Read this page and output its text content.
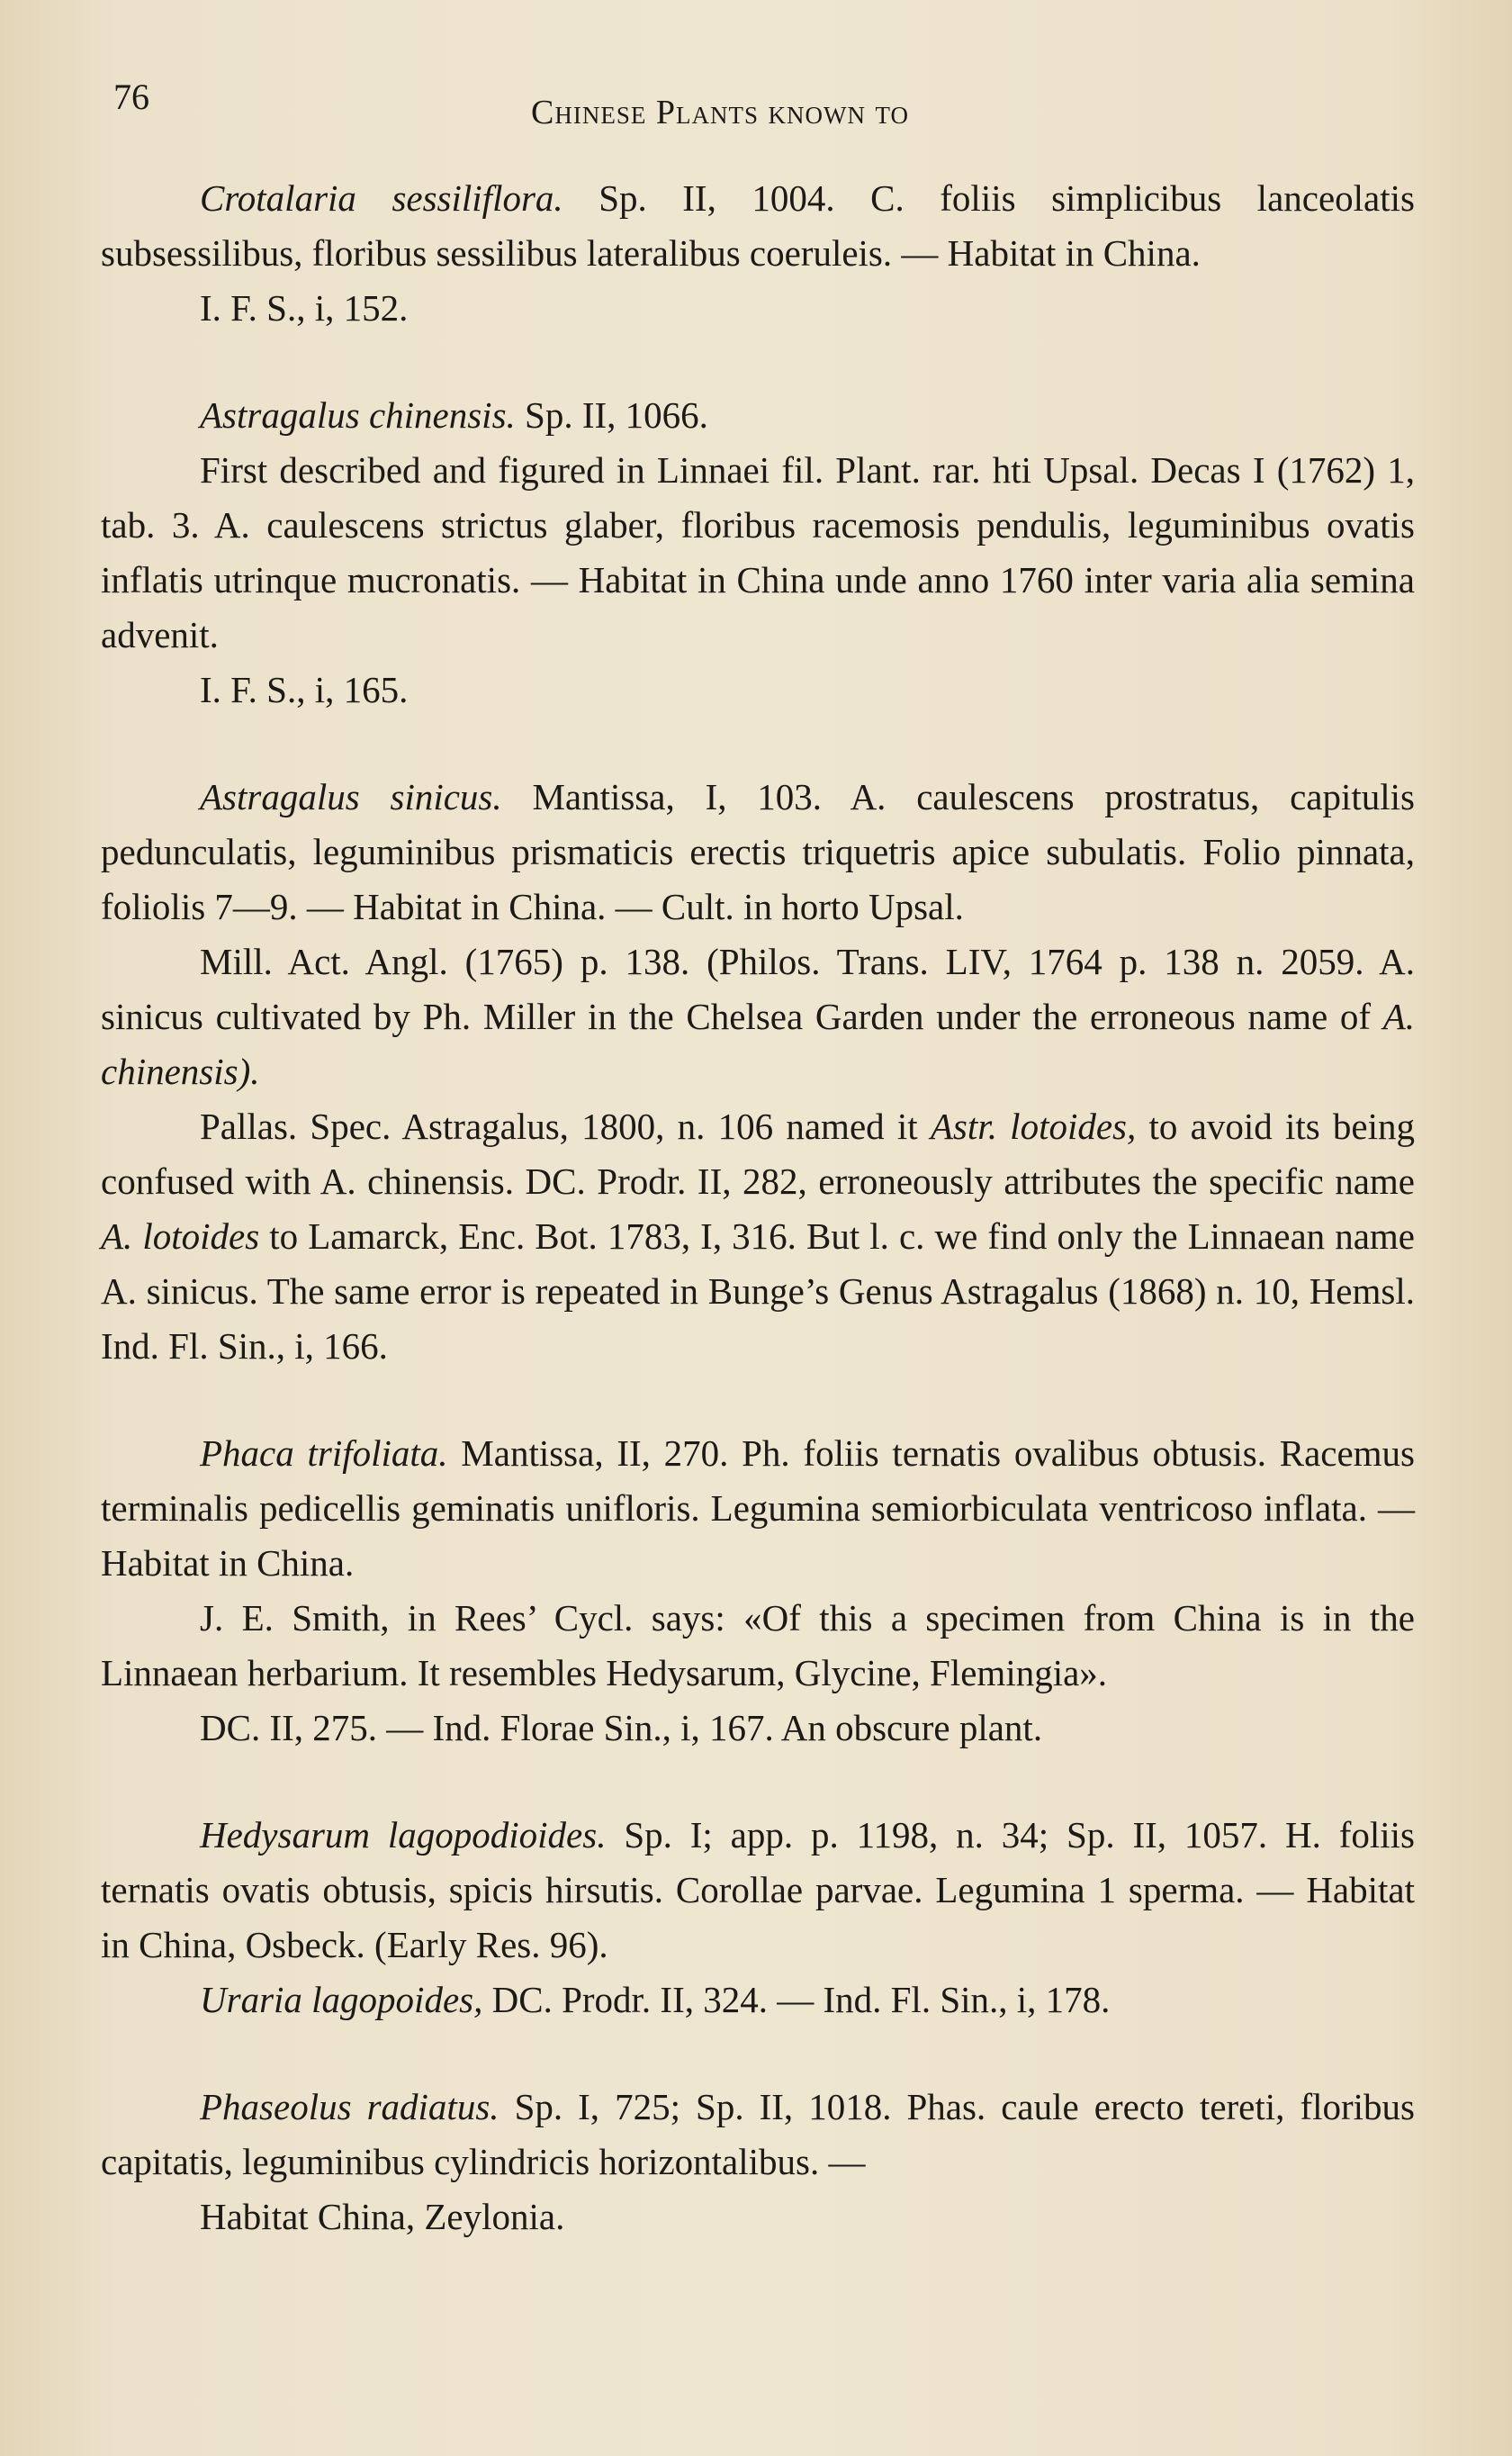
76	Chinese Plants known to

Crotalaria sessiliflora. Sp. II, 1004. C. foliis simplicibus lanceolatis subsessilibus, floribus sessilibus lateralibus coeruleis. — Habitat in China.

I. F. S., i, 152.

Astragalus chinensis. Sp. II, 1066.

First described and figured in Linnaei fil. Plant. rar. hti Upsal. Decas I (1762) 1, tab. 3. A. caulescens strictus glaber, floribus racemosis pendulis, leguminibus ovatis inflatis utrinque mucronatis. — Habitat in China unde anno 1760 inter varia alia semina advenit.

I. F. S., i, 165.

Astragalus sinicus. Mantissa, I, 103. A. caulescens prostratus, capitulis pedunculatis, leguminibus prismaticis erectis triquetris apice subulatis. Folio pinnata, foliolis 7—9. — Habitat in China. — Cult. in horto Upsal.

Mill. Act. Angl. (1765) p. 138. (Philos. Trans. LIV, 1764 p. 138 n. 2059. A. sinicus cultivated by Ph. Miller in the Chelsea Garden under the erroneous name of A. chinensis).

Pallas. Spec. Astragalus, 1800, n. 106 named it Astr. lotoides, to avoid its being confused with A. chinensis. DC. Prodr. II, 282, erroneously attributes the specific name A. lotoides to Lamarck, Enc. Bot. 1783, I, 316. But l. c. we find only the Linnaean name A. sinicus. The same error is repeated in Bunge’s Genus Astragalus (1868) n. 10, Hemsl. Ind. Fl. Sin., i, 166.

Phaca trifoliata. Mantissa, II, 270. Ph. foliis ternatis ovalibus obtusis. Racemus terminalis pedicellis geminatis unifloris. Legumina semiorbiculata ventricoso inflata. — Habitat in China.

J. E. Smith, in Rees’ Cycl. says: «Of this a specimen from China is in the Linnaean herbarium. It resembles Hedysarum, Glycine, Flemingia».

DC. II, 275. — Ind. Florae Sin., i, 167. An obscure plant.

Hedysarum lagopodioides. Sp. I; app. p. 1198, n. 34; Sp. II, 1057. H. foliis ternatis ovatis obtusis, spicis hirsutis. Corollae parvae. Legumina 1 sperma. — Habitat in China, Osbeck. (Early Res. 96).

Uraria lagopoides, DC. Prodr. II, 324. — Ind. Fl. Sin., i, 178.

Phaseolus radiatus. Sp. I, 725; Sp. II, 1018. Phas. caule erecto tereti, floribus capitatis, leguminibus cylindricis horizontalibus. —

Habitat China, Zeylonia.
